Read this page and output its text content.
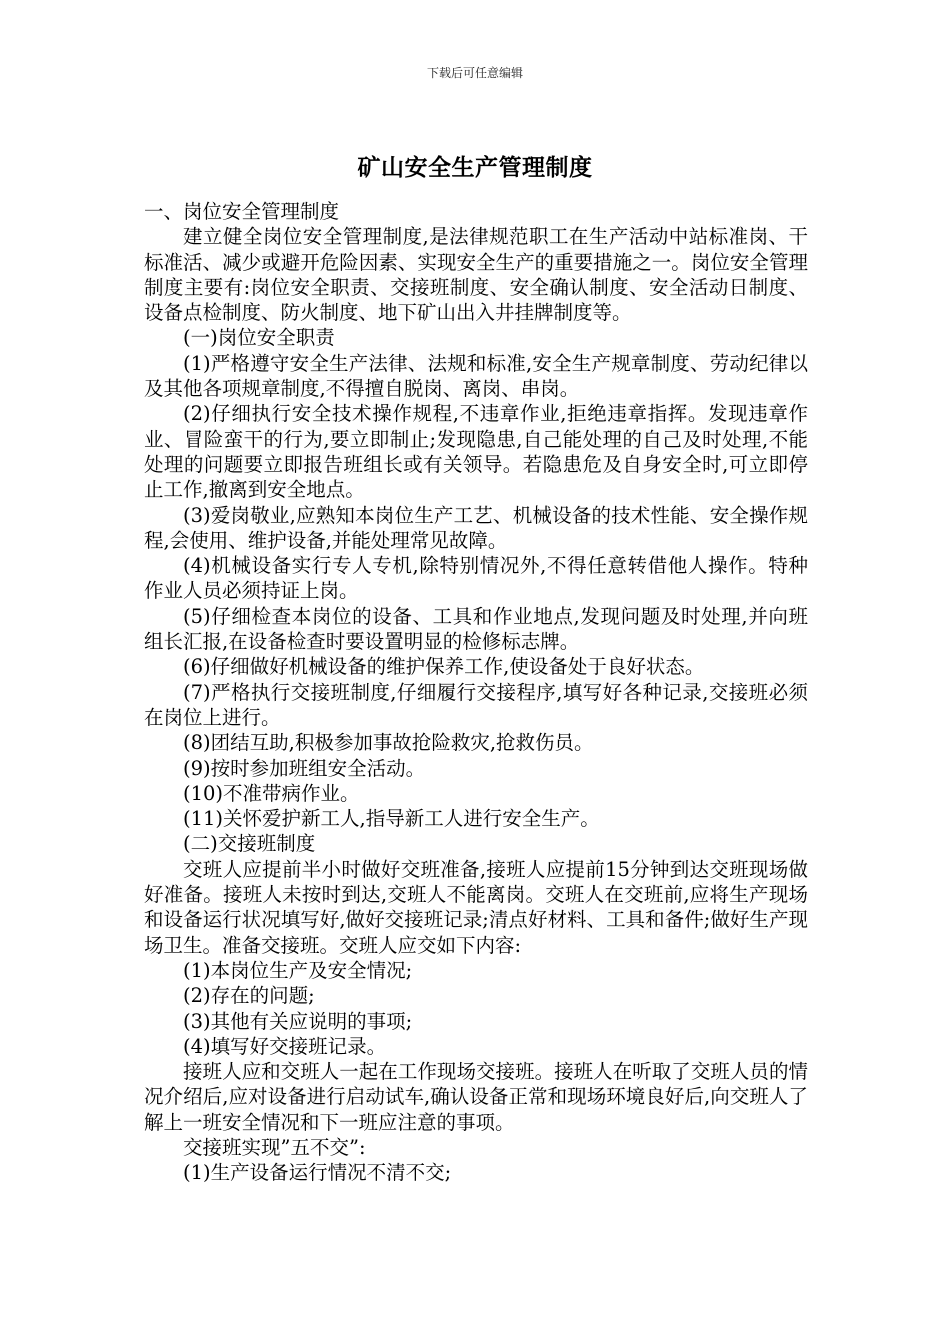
下载后可任意编辑
矿山安全生产管理制度

一、岗位安全管理制度

建立健全岗位安全管理制度,是法律规范职工在生产活动中站标准岗、干标准活、减少或避开危险因素、实现安全生产的重要措施之一。岗位安全管理制度主要有:岗位安全职责、交接班制度、安全确认制度、安全活动日制度、设备点检制度、防火制度、地下矿山出入井挂牌制度等。

(一)岗位安全职责

(1)严格遵守安全生产法律、法规和标准,安全生产规章制度、劳动纪律以及其他各项规章制度,不得擅自脱岗、离岗、串岗。

(2)仔细执行安全技术操作规程,不违章作业,拒绝违章指挥。发现违章作业、冒险蛮干的行为,要立即制止;发现隐患,自己能处理的自己及时处理,不能处理的问题要立即报告班组长或有关领导。若隐患危及自身安全时,可立即停止工作,撤离到安全地点。

(3)爱岗敬业,应熟知本岗位生产工艺、机械设备的技术性能、安全操作规程,会使用、维护设备,并能处理常见故障。

(4)机械设备实行专人专机,除特别情况外,不得任意转借他人操作。特种作业人员必须持证上岗。

(5)仔细检查本岗位的设备、工具和作业地点,发现问题及时处理,并向班组长汇报,在设备检查时要设置明显的检修标志牌。

(6)仔细做好机械设备的维护保养工作,使设备处于良好状态。

(7)严格执行交接班制度,仔细履行交接程序,填写好各种记录,交接班必须在岗位上进行。

(8)团结互助,积极参加事故抢险救灾,抢救伤员。

(9)按时参加班组安全活动。

(10)不准带病作业。

(11)关怀爱护新工人,指导新工人进行安全生产。

(二)交接班制度

交班人应提前半小时做好交班准备,接班人应提前15分钟到达交班现场做好准备。接班人未按时到达,交班人不能离岗。交班人在交班前,应将生产现场和设备运行状况填写好,做好交接班记录;清点好材料、工具和备件;做好生产现场卫生。准备交接班。交班人应交如下内容:

(1)本岗位生产及安全情况;

(2)存在的问题;

(3)其他有关应说明的事项;

(4)填写好交接班记录。

接班人应和交班人一起在工作现场交接班。接班人在听取了交班人员的情况介绍后,应对设备进行启动试车,确认设备正常和现场环境良好后,向交班人了解上一班安全情况和下一班应注意的事项。

交接班实现”五不交”:

(1)生产设备运行情况不清不交;
